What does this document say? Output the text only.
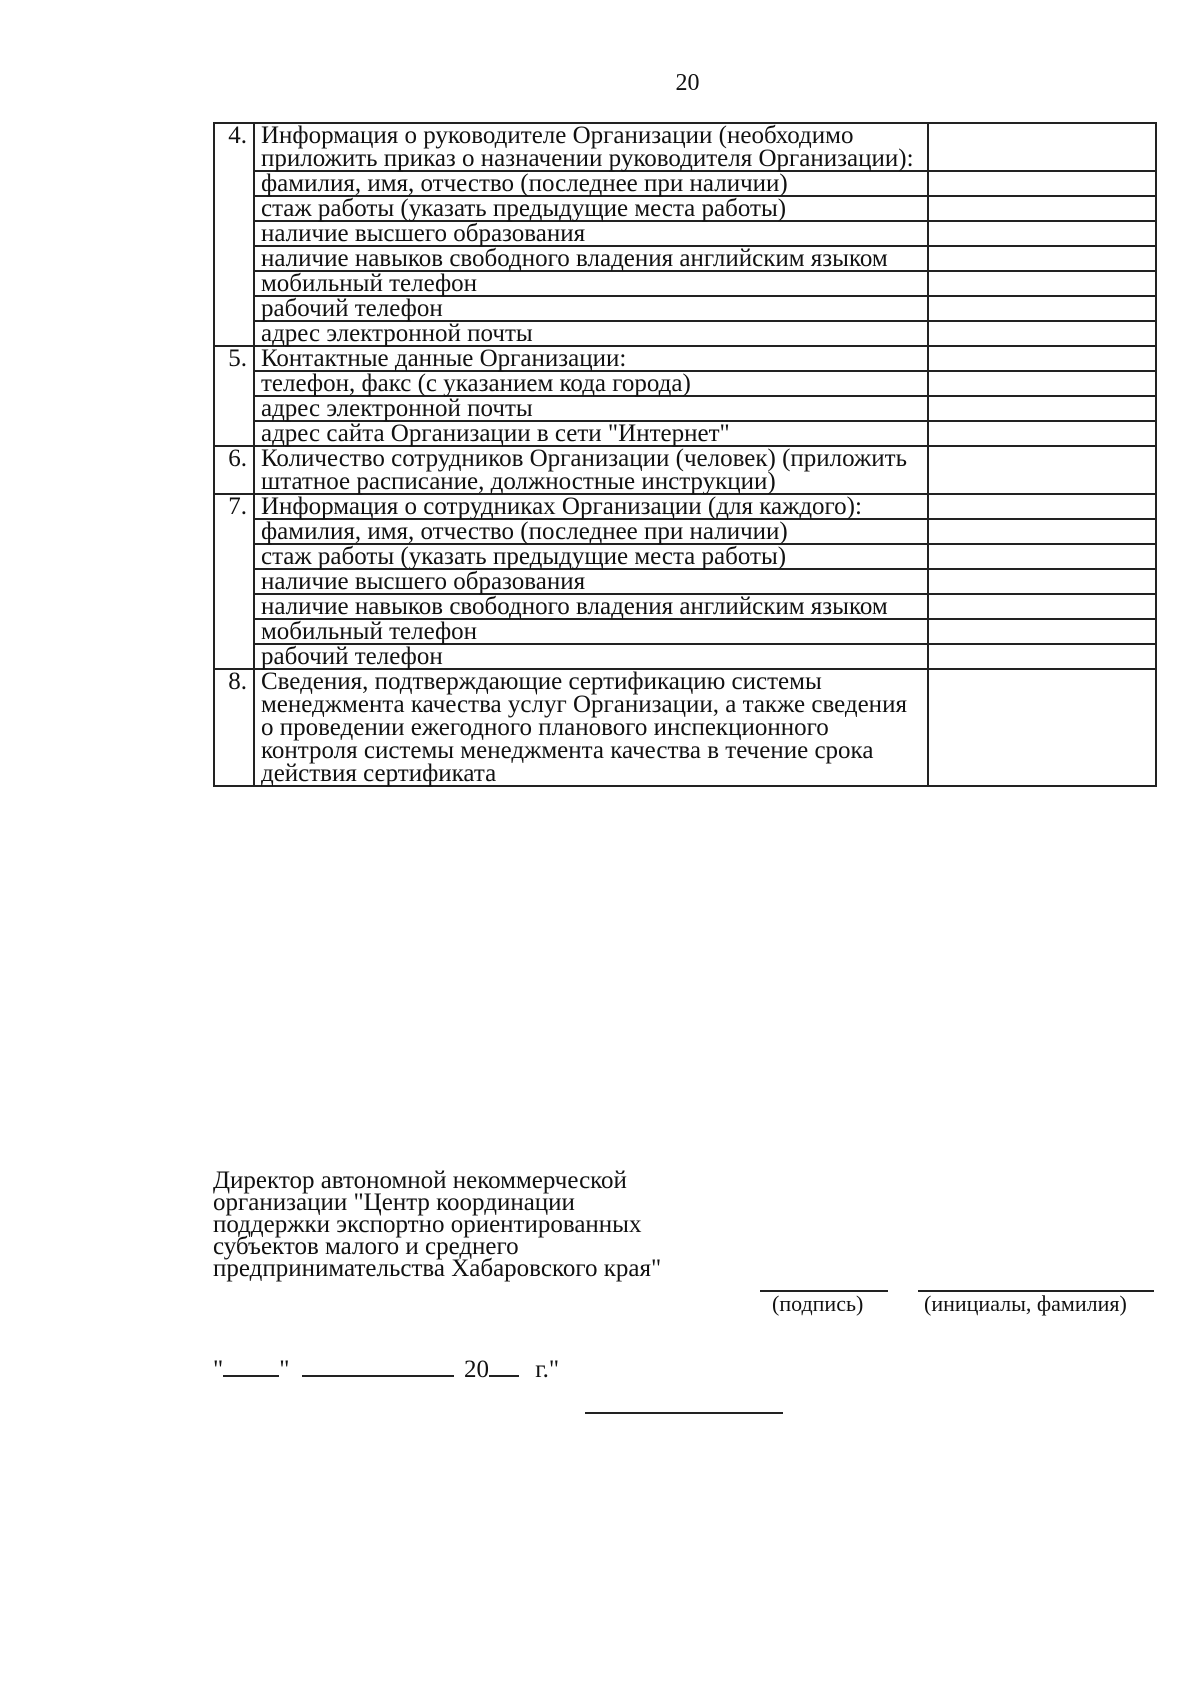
20
4.	Информация о руководителе Организации (необходимо приложить приказ о назначении руководителя Организации):	
	фамилия, имя, отчество (последнее при наличии)	
	стаж работы (указать предыдущие места работы)	
	наличие высшего образования	
	наличие навыков свободного владения английским языком	
	мобильный телефон	
	рабочий телефон	
	адрес электронной почты	
5.	Контактные данные Организации:	
	телефон, факс (с указанием кода города)	
	адрес электронной почты	
	адрес сайта Организации в сети "Интернет"	
6.	Количество сотрудников Организации (человек) (приложить штатное расписание, должностные инструкции)	
7.	Информация о сотрудниках Организации (для каждого):	
	фамилия, имя, отчество (последнее при наличии)	
	стаж работы (указать предыдущие места работы)	
	наличие высшего образования	
	наличие навыков свободного владения английским языком	
	мобильный телефон	
	рабочий телефон	
8.	Сведения, подтверждающие сертификацию системы менеджмента качества услуг Организации, а также сведения о проведении ежегодного планового инспекционного контроля системы менеджмента качества в течение срока действия сертификата	
Директор автономной некоммерческой
организации "Центр координации
поддержки экспортно ориентированных
субъектов малого и среднего
предпринимательства Хабаровского края"
(подпись)	(инициалы, фамилия)
" "	20 г."
